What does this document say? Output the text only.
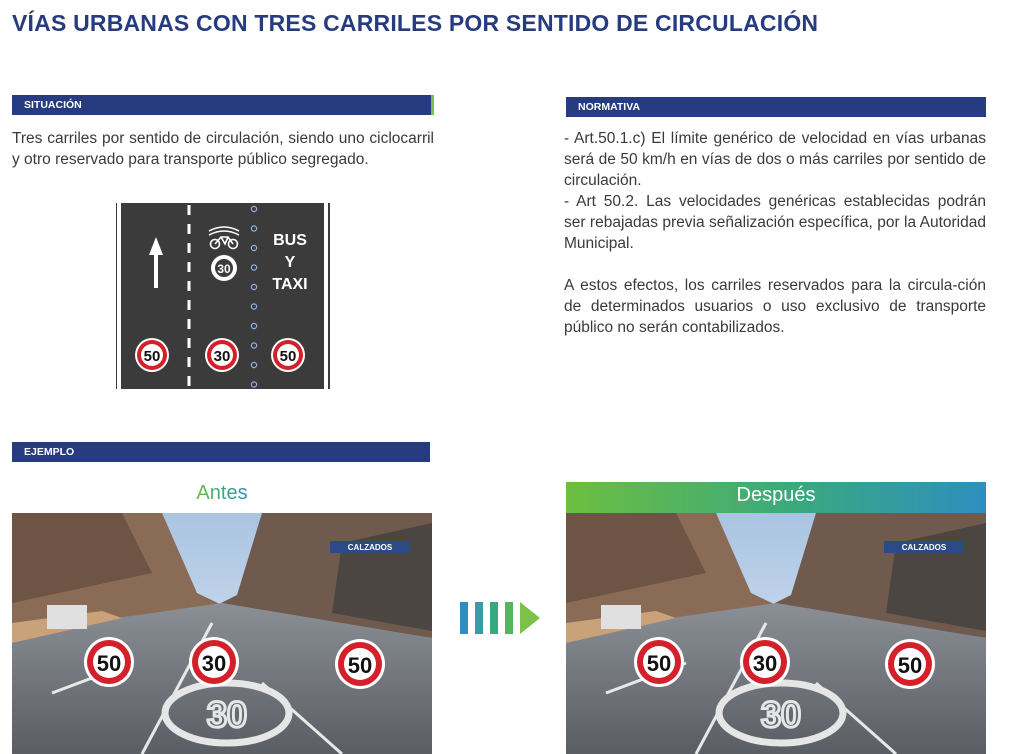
VÍAS URBANAS CON TRES CARRILES POR SENTIDO DE CIRCULACIÓN
SITUACIÓN
Tres carriles por sentido de circulación, siendo uno ciclocarril y otro reservado para transporte público segregado.
30
BUS
Y
TAXI
50	30	50
NORMATIVA

- Art.50.1.c) El límite genérico de velocidad en vías urbanas será de 50 km/h en vías de dos o más carriles por sentido de circulación.

- Art 50.2. Las velocidades genéricas establecidas podrán ser rebajadas previa señalización específica, por la Autoridad Municipal.

A estos efectos, los carriles reservados para la circula-ción de determinados usuarios o uso exclusivo de transporte público no serán contabilizados.

EJEMPLO
Antes	Después
CALZADOS
30
50	30	50
CALZADOS
30
50	30	50
